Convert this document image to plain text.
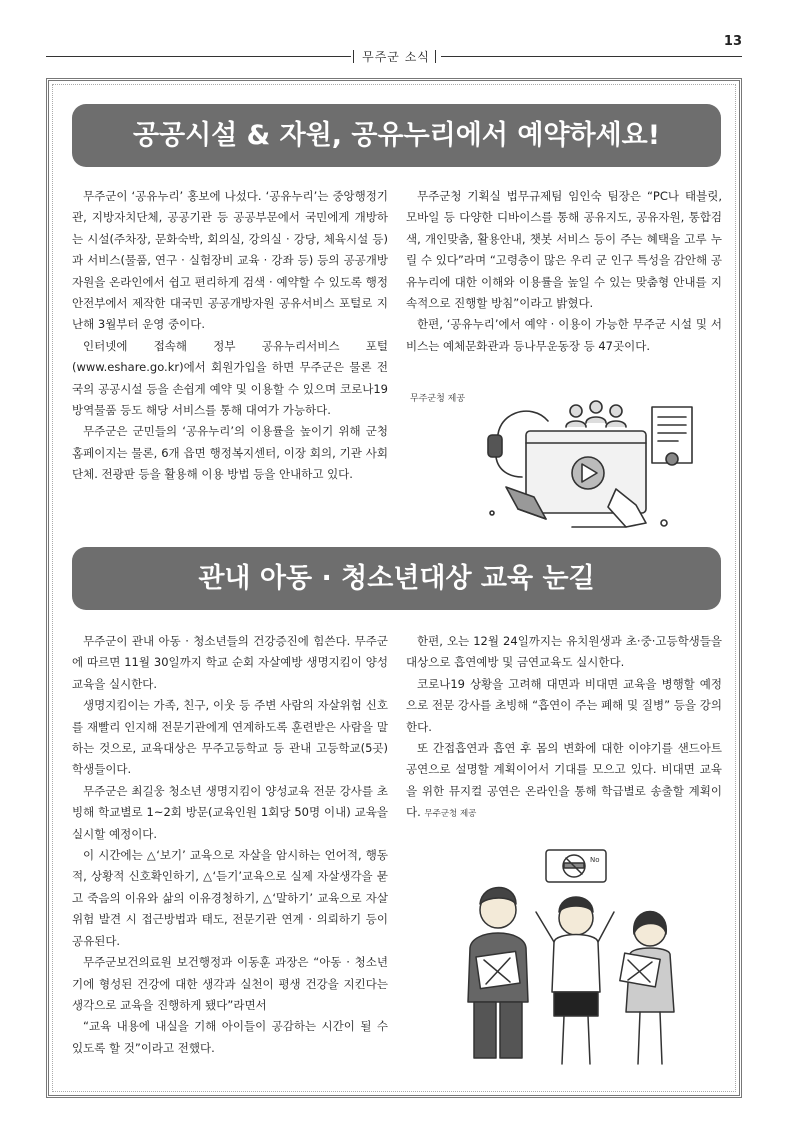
13
무주군 소식
공공시설 & 자원, 공유누리에서 예약하세요!

무주군이 ‘공유누리’ 홍보에 나섰다. ‘공유누리’는 중앙행정기관, 지방자치단체, 공공기관 등 공공부문에서 국민에게 개방하는 시설(주차장, 문화숙박, 회의실, 강의실 · 강당, 체육시설 등)과 서비스(물품, 연구 · 실험장비 교육 · 강좌 등) 등의 공공개방자원을 온라인에서 쉽고 편리하게 검색 · 예약할 수 있도록 행정안전부에서 제작한 대국민 공공개방자원 공유서비스 포털로 지난해 3월부터 운영 중이다.

인터넷에 접속해 정부 공유누리서비스 포털(www.eshare.go.kr)에서 회원가입을 하면 무주군은 물론 전국의 공공시설 등을 손쉽게 예약 및 이용할 수 있으며 코로나19 방역물품 등도 해당 서비스를 통해 대여가 가능하다.

무주군은 군민들의 ‘공유누리’의 이용률을 높이기 위해 군청 홈페이지는 물론, 6개 읍면 행정복지센터, 이장 회의, 기관 사회단체. 전광판 등을 활용해 이용 방법 등을 안내하고 있다.

무주군청 기획실 법무규제팀 임인숙 팀장은 “PC나 태블릿, 모바일 등 다양한 디바이스를 통해 공유지도, 공유자원, 통합검색, 개인맞춤, 활용안내, 챗봇 서비스 등이 주는 혜택을 고루 누릴 수 있다”라며 “고령층이 많은 우리 군 인구 특성을 감안해 공유누리에 대한 이해와 이용률을 높일 수 있는 맞춤형 안내를 지속적으로 진행할 방침”이라고 밝혔다.

한편, ‘공유누리’에서 예약 · 이용이 가능한 무주군 시설 및 서비스는 예체문화관과 등나무운동장 등 47곳이다.

무주군청 제공
관내 아동 · 청소년대상 교육 눈길

무주군이 관내 아동 · 청소년들의 건강증진에 힘쓴다. 무주군에 따르면 11월 30일까지 학교 순회 자살예방 생명지킴이 양성 교육을 실시한다.

생명지킴이는 가족, 친구, 이웃 등 주변 사람의 자살위험 신호를 재빨리 인지해 전문기관에게 연계하도록 훈련받은 사람을 말하는 것으로, 교육대상은 무주고등학교 등 관내 고등학교(5곳) 학생들이다.

무주군은 최길웅 청소년 생명지킴이 양성교육 전문 강사를 초빙해 학교별로 1~2회 방문(교육인원 1회당 50명 이내) 교육을 실시할 예정이다.

이 시간에는 △‘보기’ 교육으로 자살을 암시하는 언어적, 행동적, 상황적 신호확인하기, △‘듣기’교육으로 실제 자살생각을 묻고 죽음의 이유와 삶의 이유경청하기, △‘말하기’ 교육으로 자살 위험 발견 시 접근방법과 태도, 전문기관 연계 · 의뢰하기 등이 공유된다.

무주군보건의료원 보건행정과 이동훈 과장은 “아동 · 청소년기에 형성된 건강에 대한 생각과 실천이 평생 건강을 지킨다는 생각으로 교육을 진행하게 됐다”라면서

“교육 내용에 내실을 기해 아이들이 공감하는 시간이 될 수 있도록 할 것”이라고 전했다.

한편, 오는 12월 24일까지는 유치원생과 초·중·고등학생들을 대상으로 흡연예방 및 금연교육도 실시한다.

코로나19 상황을 고려해 대면과 비대면 교육을 병행할 예정으로 전문 강사를 초빙해 “흡연이 주는 폐해 및 질병” 등을 강의한다.

또 간접흡연과 흡연 후 몸의 변화에 대한 이야기를 샌드아트 공연으로 설명할 계획이어서 기대를 모으고 있다. 비대면 교육을 위한 뮤지컬 공연은 온라인을 통해 학급별로 송출할 계획이다. 무주군청 제공

No
